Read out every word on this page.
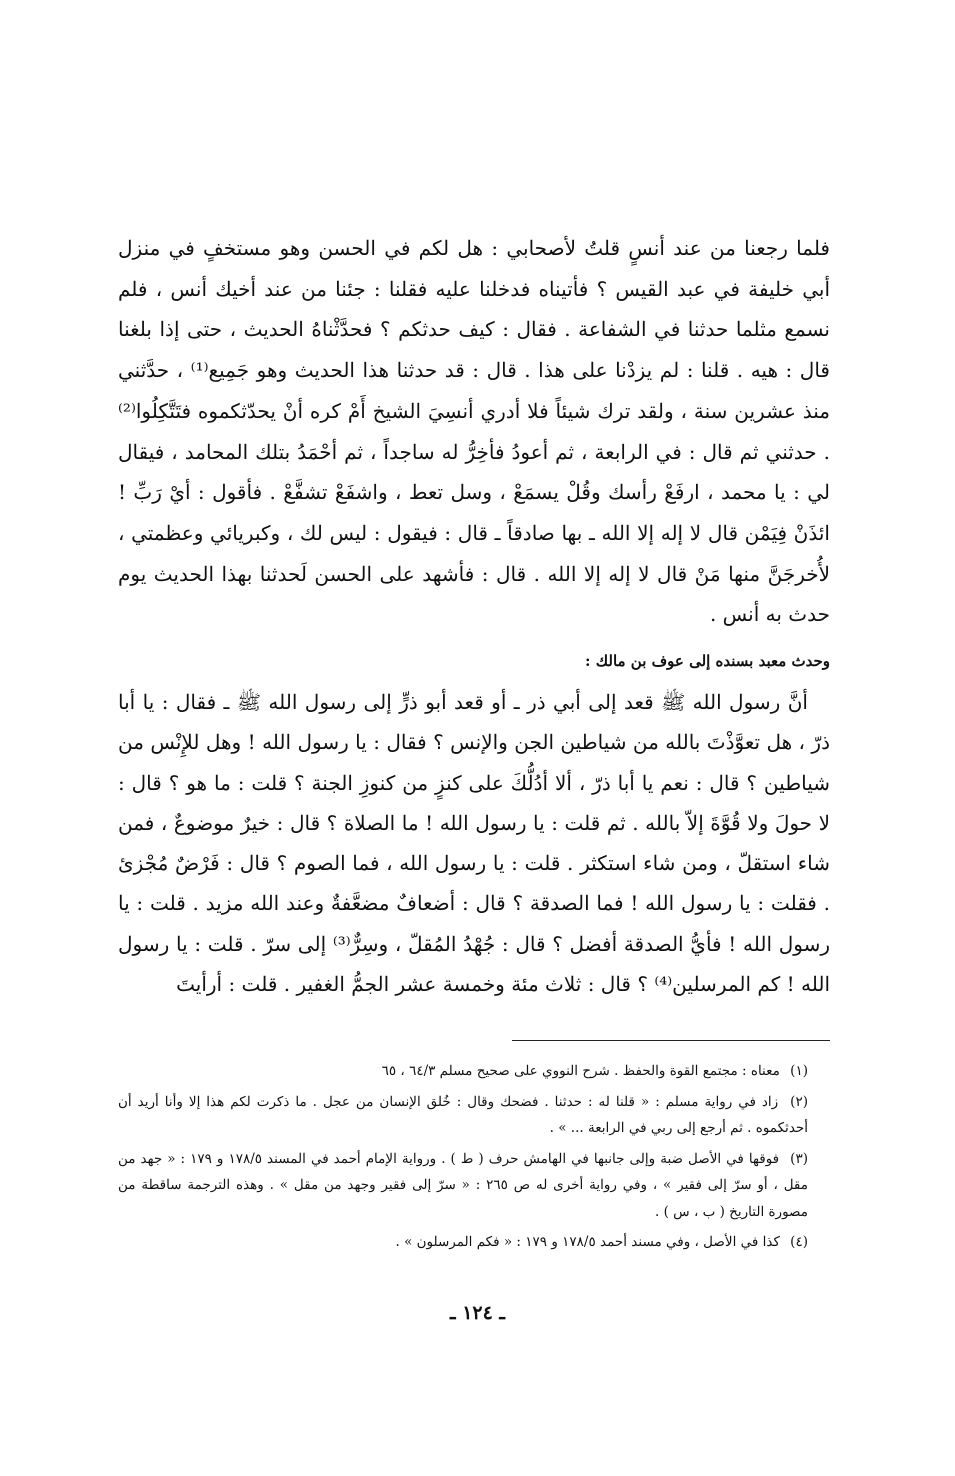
فلما رجعنا من عند أنسٍ قلتُ لأصحابي : هل لكم في الحسن وهو مستخفٍ في منزل أبي خليفة في عبد القيس ؟ فأتيناه فدخلنا عليه فقلنا : جئنا من عند أخيك أنس ، فلم نسمع مثلما حدثنا في الشفاعة . فقال : كيف حدثكم ؟ فحدَّثْناهُ الحديث ، حتى إذا بلغنا قال : هيه . قلنا : لم يزدْنا على هذا . قال : قد حدثنا هذا الحديث وهو جَمِيع⁽¹⁾ ، حدَّثني منذ عشرين سنة ، ولقد ترك شيئاً فلا أدري أنسِيَ الشيخ أَمْ كره أنْ يحدّثكموه فتَتَّكِلُوا⁽²⁾ . حدثني ثم قال : في الرابعة ، ثم أعودُ فأخِرُّ له ساجداً ، ثم أحْمَدُ بتلك المحامد ، فيقال لي : يا محمد ، ارفَعْ رأسك وقُلْ يسمَعْ ، وسل تعط ، واشفَعْ تشفَّعْ . فأقول : أيْ رَبِّ ! ائذَنْ فِيَمْن قال لا إله إلا الله ـ بها صادقاً ـ قال : فيقول : ليس لك ، وكبريائي وعظمتي ، لأُخرجَنَّ منها مَنْ قال لا إله إلا الله . قال : فأشهد على الحسن لَحدثنا بهذا الحديث يوم حدث به أنس .

وحدث معبد بسنده إلى عوف بن مالك :

أنَّ رسول الله ﷺ قعد إلى أبي ذر ـ أو قعد أبو ذرٍّ إلى رسول الله ﷺ ـ فقال : يا أبا ذرّ ، هل تعوَّذْتَ بالله من شياطين الجن والإنس ؟ فقال : يا رسول الله ! وهل للإِنْس من شياطين ؟ قال : نعم يا أبا ذرّ ، ألا أدُلُّكَ على كنزٍ من كنوزِ الجنة ؟ قلت : ما هو ؟ قال : لا حولَ ولا قُوَّةَ إلاّ بالله . ثم قلت : يا رسول الله ! ما الصلاة ؟ قال : خيرٌ موضوعٌ ، فمن شاء استقلّ ، ومن شاء استكثر . قلت : يا رسول الله ، فما الصوم ؟ قال : فَرْضٌ مُجْزئ . فقلت : يا رسول الله ! فما الصدقة ؟ قال : أضعافٌ مضعَّفةٌ وعند الله مزيد . قلت : يا رسول الله ! فأيُّ الصدقة أفضل ؟ قال : جُهْدُ المُقلّ ، وسِرٌّ⁽³⁾ إلى سرّ . قلت : يا رسول الله ! كم المرسلين⁽⁴⁾ ؟ قال : ثلاث مئة وخمسة عشر الجمُّ الغفير . قلت : أرأيتَ

(١) معناه : مجتمع القوة والحفظ . شرح النووي على صحيح مسلم ٦٤/٣ ، ٦٥

(٢) زاد في رواية مسلم : « قلنا له : حدثنا . فضحك وقال : خُلق الإنسان من عجل . ما ذكرت لكم هذا إلا وأنا أريد أن أحدثكموه . ثم أرجع إلى ربي في الرابعة ... » .

(٣) فوقها في الأصل ضبة وإلى جانبها في الهامش حرف ( ط ) . ورواية الإمام أحمد في المسند ١٧٨/٥ و ١٧٩ : « جهد من مقل ، أو سرّ إلى فقير » ، وفي رواية أخرى له ص ٢٦٥ : « سرّ إلى فقير وجهد من مقل » . وهذه الترجمة ساقطة من مصورة التاريخ ( ب ، س ) .

(٤) كذا في الأصل ، وفي مسند أحمد ١٧٨/٥ و ١٧٩ : « فكم المرسلون » .

ـ ١٢٤ ـ
